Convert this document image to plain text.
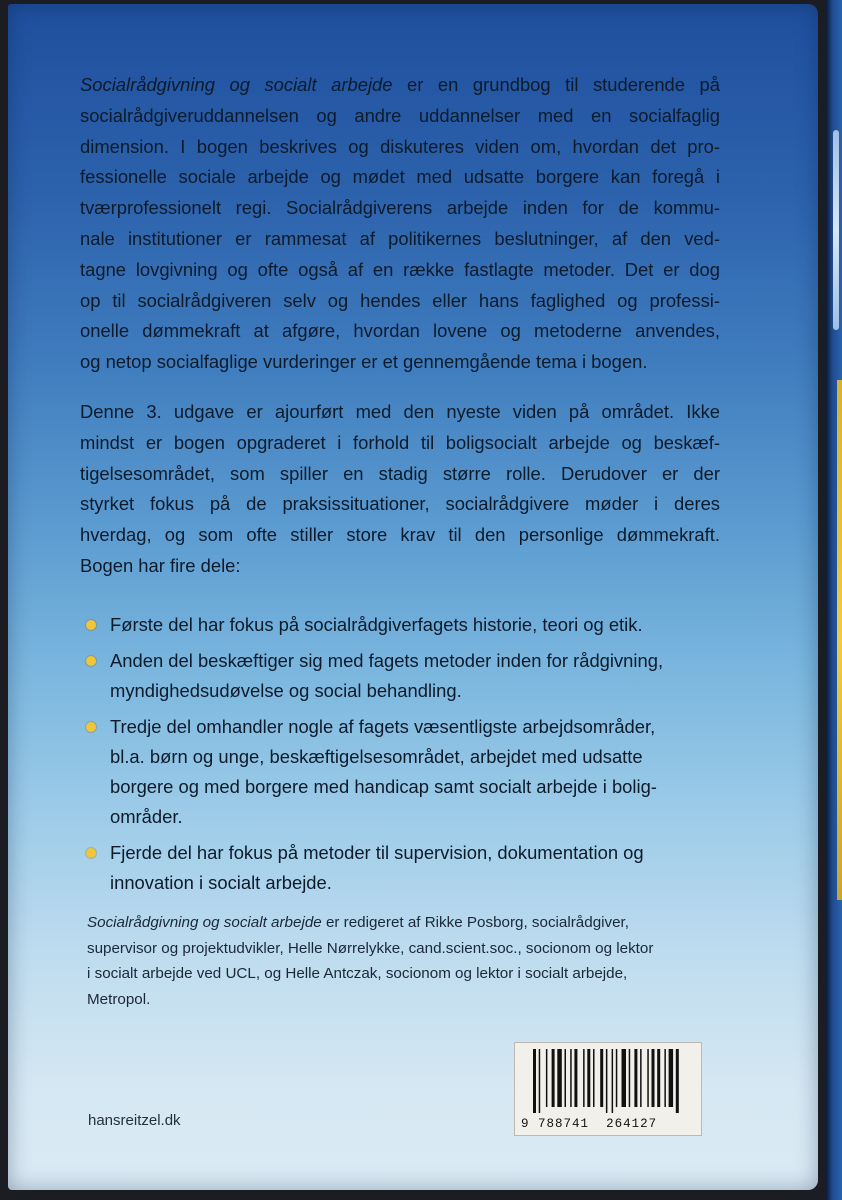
Socialrådgivning og socialt arbejde er en grundbog til studerende på
socialrådgiveruddannelsen og andre uddannelser med en socialfaglig
dimension. I bogen beskrives og diskuteres viden om, hvordan det pro-
fessionelle sociale arbejde og mødet med udsatte borgere kan foregå i
tværprofessionelt regi. Socialrådgiverens arbejde inden for de kommu-
nale institutioner er rammesat af politikernes beslutninger, af den ved-
tagne lovgivning og ofte også af en række fastlagte metoder. Det er dog
op til socialrådgiveren selv og hendes eller hans faglighed og professi-
onelle dømmekraft at afgøre, hvordan lovene og metoderne anvendes,
og netop socialfaglige vurderinger er et gennemgående tema i bogen.
Denne 3. udgave er ajourført med den nyeste viden på området. Ikke
mindst er bogen opgraderet i forhold til boligsocialt arbejde og beskæf-
tigelsesområdet, som spiller en stadig større rolle. Derudover er der
styrket fokus på de praksissituationer, socialrådgivere møder i deres
hverdag, og som ofte stiller store krav til den personlige dømmekraft.
Bogen har fire dele:
Første del har fokus på socialrådgiverfagets historie, teori og etik.
Anden del beskæftiger sig med fagets metoder inden for rådgivning,
myndighedsudøvelse og social behandling.
Tredje del omhandler nogle af fagets væsentligste arbejdsområder,
bl.a. børn og unge, beskæftigelsesområdet, arbejdet med udsatte
borgere og med borgere med handicap samt socialt arbejde i bolig-
områder.
Fjerde del har fokus på metoder til supervision, dokumentation og
innovation i socialt arbejde.
Socialrådgivning og socialt arbejde er redigeret af Rikke Posborg, socialrådgiver,
supervisor og projektudvikler, Helle Nørrelykke, cand.scient.soc., socionom og lektor
i socialt arbejde ved UCL, og Helle Antczak, socionom og lektor i socialt arbejde,
Metropol.
hansreitzel.dk	9 788741 264127
